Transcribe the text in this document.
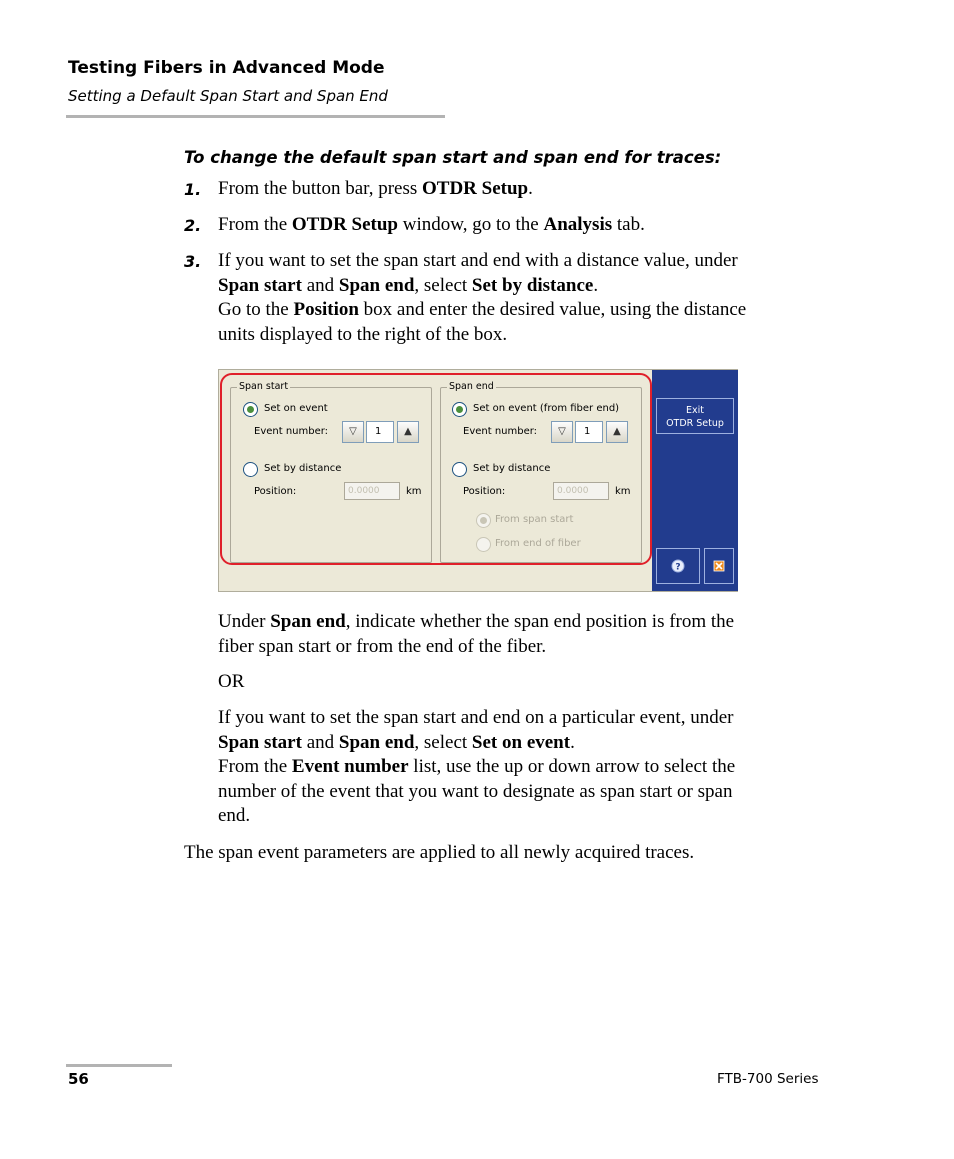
Testing Fibers in Advanced Mode
Setting a Default Span Start and Span End
To change the default span start and span end for traces:
1. From the button bar, press OTDR Setup.
2. From the OTDR Setup window, go to the Analysis tab.
3. If you want to set the span start and end with a distance value, under
Span start and Span end, select Set by distance.
Go to the Position box and enter the desired value, using the distance
units displayed to the right of the box.
Span start
Set on event
Event number:	▽	1	▲
Set by distance
Position:	0.0000	km
Span end
Set on event (from fiber end)
Event number:	▽	1	▲
Set by distance
Position:	0.0000	km
From span start
From end of fiber
Exit
OTDR Setup
?
Under Span end, indicate whether the span end position is from the
fiber span start or from the end of the fiber.
OR
If you want to set the span start and end on a particular event, under
Span start and Span end, select Set on event.
From the Event number list, use the up or down arrow to select the
number of the event that you want to designate as span start or span
end.
The span event parameters are applied to all newly acquired traces.
56	FTB-700 Series
